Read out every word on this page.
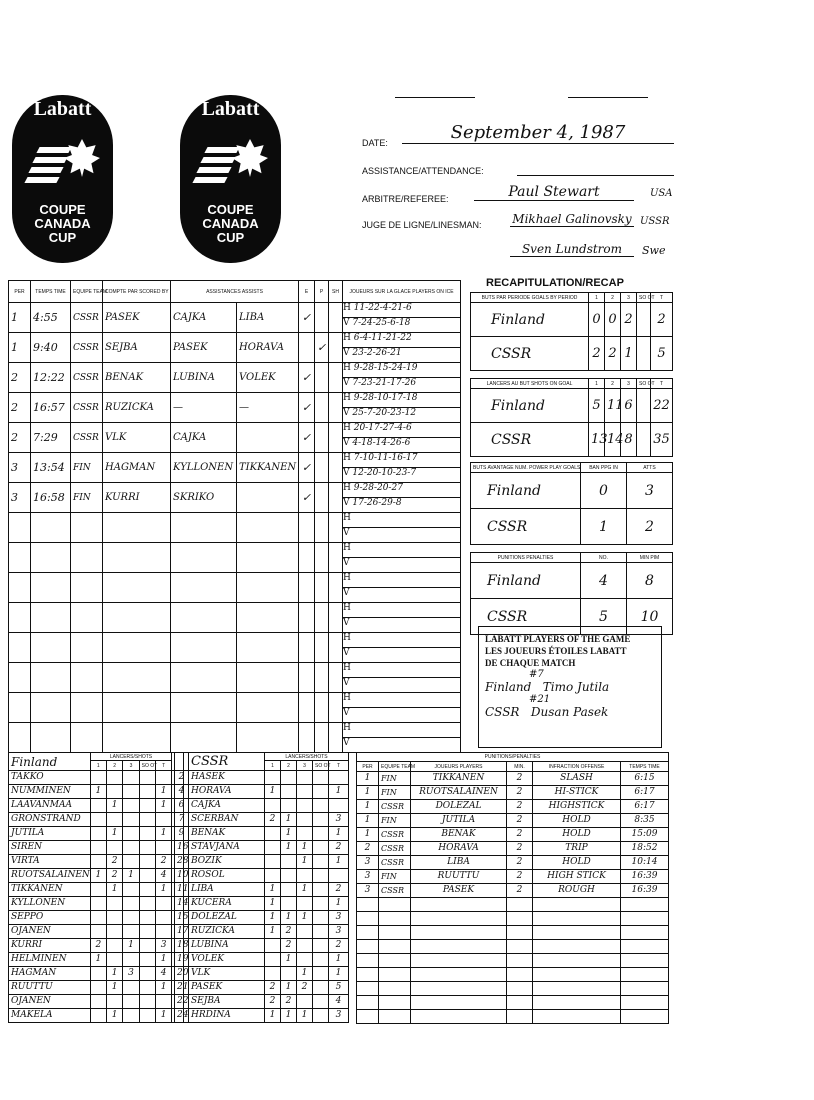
Labatt
COUPE
CANADA
CUP
Labatt
COUPE
CANADA
CUP
DATE:	September 4, 1987
ASSISTANCE/ATTENDANCE:
ARBITRE/REFEREE:	Paul Stewart	USA
JUGE DE LIGNE/LINESMAN:	Mikhael Galinovsky USSR
Sven Lundstrom	Swe
PER	TEMPS TIME	EQUIPE TEAM	COMPTE PAR SCORED BY	ASSISTANCES ASSISTS		E	P	SH	JOUEURS SUR LA GLACE PLAYERS ON ICE
1	4:55	CSSR	PASEK	CAJKA	LIBA	✓			H 11-22-4-21-6
V 7-24-25-6-18

1	9:40	CSSR	SEJBA	PASEK	HORAVA		✓		H 6-4-11-21-22
V 23-2-26-21

2	12:22	CSSR	BENAK	LUBINA	VOLEK	✓			H 9-28-15-24-19
V 7-23-21-17-26

2	16:57	CSSR	RUZICKA	—	—	✓			H 9-28-10-17-18
V 25-7-20-23-12

2	7:29	CSSR	VLK	CAJKA		✓			H 20-17-27-4-6
V 4-18-14-26-6

3	13:54	FIN	HAGMAN	KYLLONEN	TIKKANEN	✓			H 7-10-11-16-17
V 12-20-10-23-7

3	16:58	FIN	KURRI	SKRIKO		✓			H 9-28-20-27
V 17-26-29-8

									H
V

									H
V

									H
V

									H
V

									H
V

									H
V

									H
V

									H
V
RECAPITULATION/RECAP
BUTS PAR PERIODE GOALS BY PERIOD	1	2	3	SO OT	T
Finland	0	0	2		2
CSSR	2	2	1		5
LANCERS AU BUT SHOTS ON GOAL	1	2	3	SO OT	T
Finland	5	11	6		22
CSSR	13	14	8		35
BUTS AVANTAGE NUM. POWER PLAY GOALS	BAN PPG IN	ATTS
Finland	0	3
CSSR	1	2
PUNITIONS PENALTIES	NO.	MIN PIM
Finland	4	8
CSSR	5	10
LABATT PLAYERS OF THE GAME
LES JOUEURS ÉTOILES LABATT
DE CHAQUE MATCH
#7
Finland Timo Jutila
#21
CSSR Dusan Pasek
Finland	LANCERS/SHOTS					
	1	2	3	SO OT	T	
TAKKO						
NUMMINEN	1				1	
LAAVANMAA		1			1	
GRONSTRAND						
JUTILA		1			1	
SIREN						
VIRTA		2			2	
RUOTSALAINEN	1	2	1		4	
TIKKANEN		1			1	
KYLLONEN						
SEPPO						
OJANEN						
KURRI	2		1		3	
HELMINEN	1				1	
HAGMAN		1	3		4	
RUUTTU		1			1	
OJANEN						
MAKELA		1			1	
	CSSR	LANCERS/SHOTS				
		1	2	3	SO OT	T
2	HASEK					
4	HORAVA	1				1
6	CAJKA					
7	SCERBAN	2	1			3
9	BENAK		1			1
16	STAVJANA		1	1		2
28	BOZIK			1		1
10	ROSOL					
11	LIBA	1		1		2
14	KUCERA	1				1
15	DOLEZAL	1	1	1		3
17	RUZICKA	1	2			3
18	LUBINA		2			2
19	VOLEK		1			1
20	VLK			1		1
21	PASEK	2	1	2		5
22	SEJBA	2	2			4
24	HRDINA	1	1	1		3
PUNITIONS/PENALTIES					
PER	EQUIPE TEAM	JOUEURS PLAYERS	MIN.	INFRACTION OFFENSE	TEMPS TIME
1	FIN	TIKKANEN	2	SLASH	6:15
1	FIN	RUOTSALAINEN	2	HI-STICK	6:17
1	CSSR	DOLEZAL	2	HIGHSTICK	6:17
1	FIN	JUTILA	2	HOLD	8:35
1	CSSR	BENAK	2	HOLD	15:09
2	CSSR	HORAVA	2	TRIP	18:52
3	CSSR	LIBA	2	HOLD	10:14
3	FIN	RUUTTU	2	HIGH STICK	16:39
3	CSSR	PASEK	2	ROUGH	16:39
